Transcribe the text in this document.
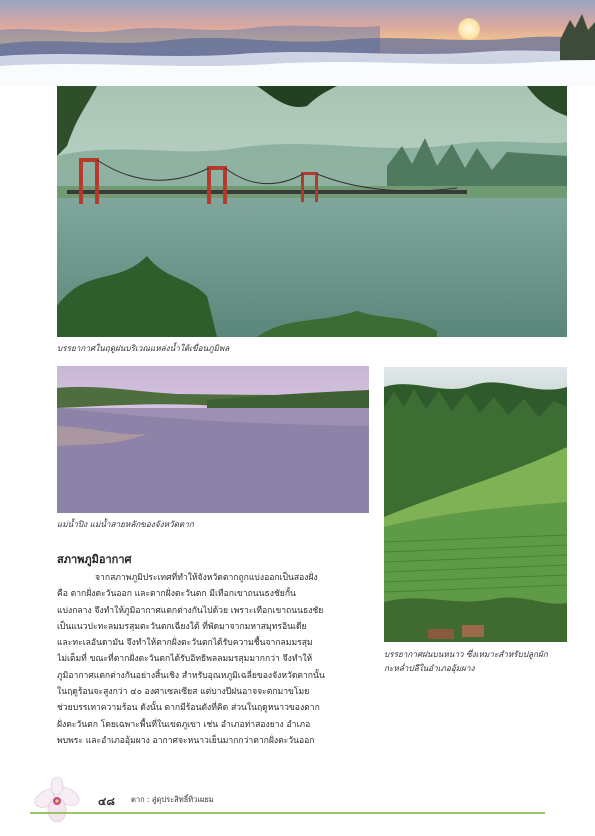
บรรยากาศในฤดูฝนบริเวณแหล่งน้ำใต้เขื่อนภูมิพล
แม่น้ำปิง แม่น้ำสายหลักของจังหวัดตาก
บรรยากาศฝนบนหนาว ซึ่งเหมาะสำหรับปลูกผัก
กะหล่ำปลีในอำเภออุ้มผาง
สภาพภูมิอากาศ
จากสภาพภูมิประเทศที่ทำให้จังหวัดตากถูกแบ่งออกเป็นสองฝั่ง
คือ ตากฝั่งตะวันออก และตากฝั่งตะวันตก มีเทือกเขาถนนธงชัยกั้น
แบ่งกลาง จึงทำให้ภูมิอากาศแตกต่างกันไปด้วย เพราะเทือกเขาถนนธงชัย
เป็นแนวปะทะลมมรสุมตะวันตกเฉียงใต้ ที่พัดมาจากมหาสมุทรอินเดีย
และทะเลอันดามัน จึงทำให้ตากฝั่งตะวันตกได้รับความชื้นจากลมมรสุม
ไม่เต็มที่ ขณะที่ตากฝั่งตะวันตกได้รับอิทธิพลลมมรสุมมากกว่า จึงทำให้
ภูมิอากาศแตกต่างกันอย่างสิ้นเชิง สำหรับอุณหภูมิเฉลี่ยของจังหวัดตากนั้น
ในฤดูร้อนจะสูงกว่า ๔๐ องศาเซลเซียส แต่บางปีฝนอาจจะตกมาขโมย
ช่วยบรรเทาความร้อน ดังนั้น ตากมีร้อนดังที่คิด ส่วนในฤดูหนาวของตาก
ฝั่งตะวันตก โดยเฉพาะพื้นที่ในเขตภูเขา เช่น อำเภอท่าสองยาง อำเภอ
พบพระ และอำเภออุ้มผาง อากาศจะหนาวเย็นมากกว่าตากฝั่งตะวันออก
๔๘ ตาก : สู่ดุประสิทธิ์ทิวเผยม
